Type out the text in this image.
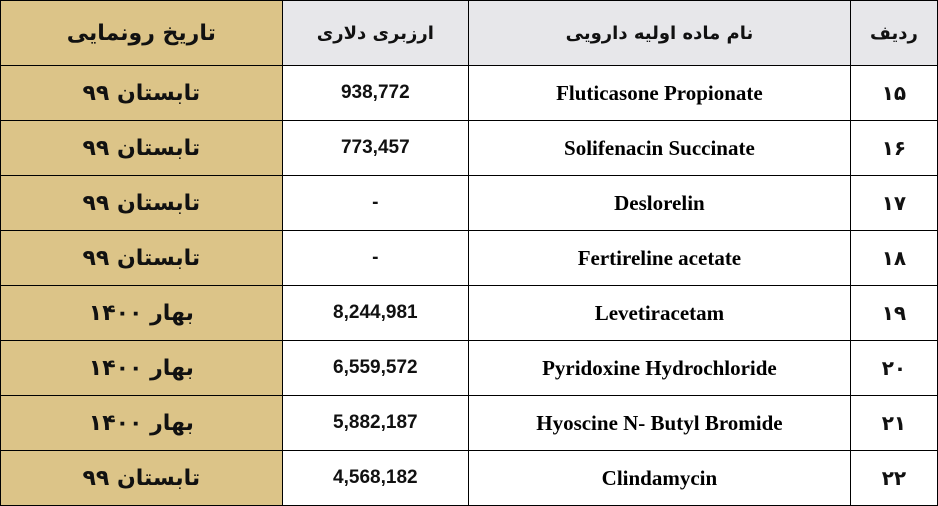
ردیف	نام ماده اولیه دارویی	ارزبری دلاری	تاریخ رونمایی
۱۵	Fluticasone Propionate	938,772	تابستان ۹۹
۱۶	Solifenacin Succinate	773,457	تابستان ۹۹
۱۷	Deslorelin	-	تابستان ۹۹
۱۸	Fertireline acetate	-	تابستان ۹۹
۱۹	Levetiracetam	8,244,981	بهار ۱۴۰۰
۲۰	Pyridoxine Hydrochloride	6,559,572	بهار ۱۴۰۰
۲۱	Hyoscine N- Butyl Bromide	5,882,187	بهار ۱۴۰۰
۲۲	Clindamycin	4,568,182	تابستان ۹۹
